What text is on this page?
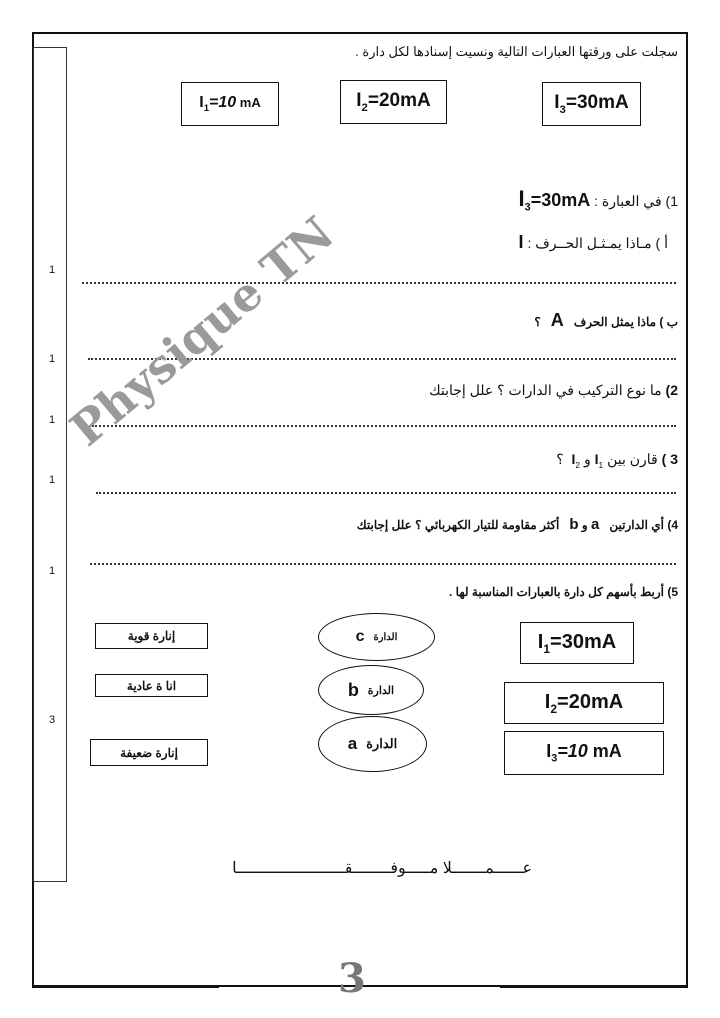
1
1
1
1
1
3
سجلت على ورقتها العبارات التالية ونسيت إسنادها لكل دارة .
$I_1=10$ mA	$I_2=20mA$	$I_3=30mA$
1) في العبارة : $I_3=30mA$
أ ) مـاذا يمـثـل الحــرف : I
ب ) ماذا يمثل الحرف   A   ؟
2) ما نوع التركيب في الدارات ؟ علل إجابتك
3 ) قارن بين $I_1$ و $I_2$  ؟
4) أي الدارتين   a و b   أكثر مقاومة للتيار الكهربائي ؟ علل إجابتك
5) أربط بأسهم كل دارة بالعبارات المناسبة لها .
إنارة قوية
انا ة عادية
إنارة ضعيفة
الدارة

c
الدارة

b
الدارة

a
$I_1=30mA$
$I_2=20mA$
$I_3=10$ mA
عــــــمـــــــلا مـــــوفــــــــقـــــــــــــــــــــــا
Physique TN
3
